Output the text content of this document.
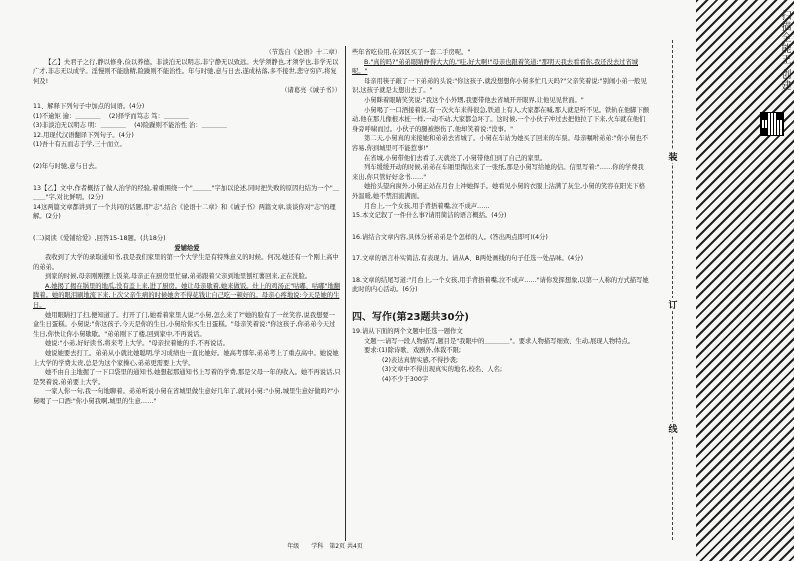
（节选自《论语》十二章）

【乙】夫君子之行,静以修身,俭以养德。非淡泊无以明志,非宁静无以致远。夫学须静也,才须学也,非学无以广才,非志无以成学。淫慢则不能励精,险躁则不能治性。年与时驰,意与日去,遂成枯落,多不接世,悲守穷庐,将复何及!

（诸葛亮《诫子书》）

11、解释下列句子中加点的词语。(4分)

(1)不逾矩 逾：＿＿＿＿　 (2)择学而笃志 笃：＿＿＿＿

(3)非淡泊无以明志 明：＿＿＿＿　 (4)险躁则不能治性 治：＿＿＿＿

12.用现代汉语翻译下列句子。(4分)

(1)吾十有五而志于学,三十而立。

(2)年与时驰,意与日去。

13【乙】文中,作者概括了做人治学的经验,着重围绕一个"＿＿＿"字加以论述,同时把失败的原因归结为一个"＿＿＿"字,对比鲜明。(2分)

14这两篇文章都讲到了一个共同的话题,即"志",结合《论语十二章》和《诫子书》两篇文章,谈谈你对"志"的理解。(2分)

(二)阅读《爱铺给爱》,回答15-18题。(共18分)

爱铺给爱

我收到了大学的录取通知书,我是我们家里的第一个大学生是有特殊意义的时候。何况,她还有一个刚上高中的弟弟。

到家的时候,母亲刚刚摆上饭菜,母亲正在厨房里忙碌,弟弟跟着父亲到地里刨红薯回来,正在洗脸。

A.她揭了揭在锅里的地瓜,没有盖上来,进了厨房。她让母亲歇着,她来做饭。灶上的鸡汤正"咕嘟、咕嘟"地翻腾着。她的眼泪刷地流下来,上次父亲生病的时候她舍不得花钱让自己吃一顿好的。母亲心疼地说:今天是她的生日。

她用眼睛扫了扫,便知道了。打开了门,她看着家里人说:"小舅,怎么来了?"她的脸有了一丝笑容,说我想要一盒生日蛋糕。小舅说:"你这孩子,今天是你的生日,小舅给你买生日蛋糕。"母亲笑着说:"你这孩子,你弟弟今天过生日,你快让你小舅歇歇。"弟弟刚下了楼,回到家中,不再说话。

她说:"小弟,好好读书,将来考上大学。"母亲拉着她的手,不再说话。

她说她要去打工。弟弟从小就比她聪明,学习成绩也一直比她好。她高考那年,弟弟考上了重点高中。她说她上大学的学费太贵,总是为这个家操心,弟弟更需要上大学。

她不由自主地握了一下口袋里的通知书,她想起那通知书上写着的学费,那是父母一年的收入。她不再说话,只是哭着说,弟弟要上大学。

一家人你一句,我一句地聊着。弟弟听说小舅在省城里做生意好几年了,就问小舅:"小舅,城里生意好做吗?"小舅喝了一口酒:"你小舅我啊,城里的生意……"

些年省吃俭用,在郊区买了一套二手房呢。"

B."真的吗?"弟弟眼睛睁得大大的,"哇,好大啊!"母亲也跟着笑道:"那明天我去看看你,我还没去过省城呢。"

母亲用筷子敲了一下弟弟的头说:"你这孩子,就没想想你小舅多忙几天吗?"父亲笑着说:"别闹小弟一般见识,这孩子就是太想出去了。"

小舅眯着眼睛笑笑说:"我这个小外甥,我要带他去省城开开眼界,让他见见世面。"

小舅喝了一口酒接着说,有一次火车来得很急,铁道上有人,大家都在喊,那人就是听不见。铁轨在他脚下颤动,他在那儿像根木桩一样,一动不动,大家都急坏了。这时候,一个小伙子冲过去把他拉了下来,火车就在他们身旁呼啸而过。小伙子的腿被擦伤了,他却笑着说:"没事。"

第二天,小舅真的来接她和弟弟去省城了。小舅在车站为她买了回来的车票。母亲嘱咐弟弟:"你小舅也不容易,你到城里可不能惹事!"

在省城,小舅带他们去看了,天就亮了,小舅带他们到了自己的家里。

列车缓缓开动的时候,弟弟在车厢里掏出来了一张纸,那是小舅写给她的信。信里写着:"……你的学费我来出,你只管好好念书……"

她抬头望向窗外,小舅正站在月台上冲她挥手。她看见小舅的衣服上沾满了灰尘,小舅的笑容在阳光下格外温暖,她不禁泪流满面。

月台上,一个女孩,用手背捂着嘴,泣不成声……

15.本文记叙了一件什么事?请用简洁的语言概括。(4分)

16.请结合文章内容,具体分析弟弟是个怎样的人。(答出两点即可)(4分)

17.文章的语言朴实简洁,有表现力。请从A、B两处画线的句子任选一处品味。(4分)

18.文章的结尾写道:"月台上,一个女孩,用手背捂着嘴,泣不成声……"请你发挥想象,以第一人称的方式描写她此时的内心活动。(6分)

四、写作(第23题共30分)

19.请从下面的两个文题中任选一题作文

文题一:请写一段人物描写,题目是"我眼中的＿＿＿＿"。要求人物描写细致、生动,展现人物特点。

要求:(1)除诗歌、戏剧外,体裁不限;

(2)表达真情实感,不得抄袭;

(3)文章中不得出现真实的地名,校名、人名;

(4)不少于300字

年级　　学科　第2页 共4页
装
订
线
扫描全能王 创建
